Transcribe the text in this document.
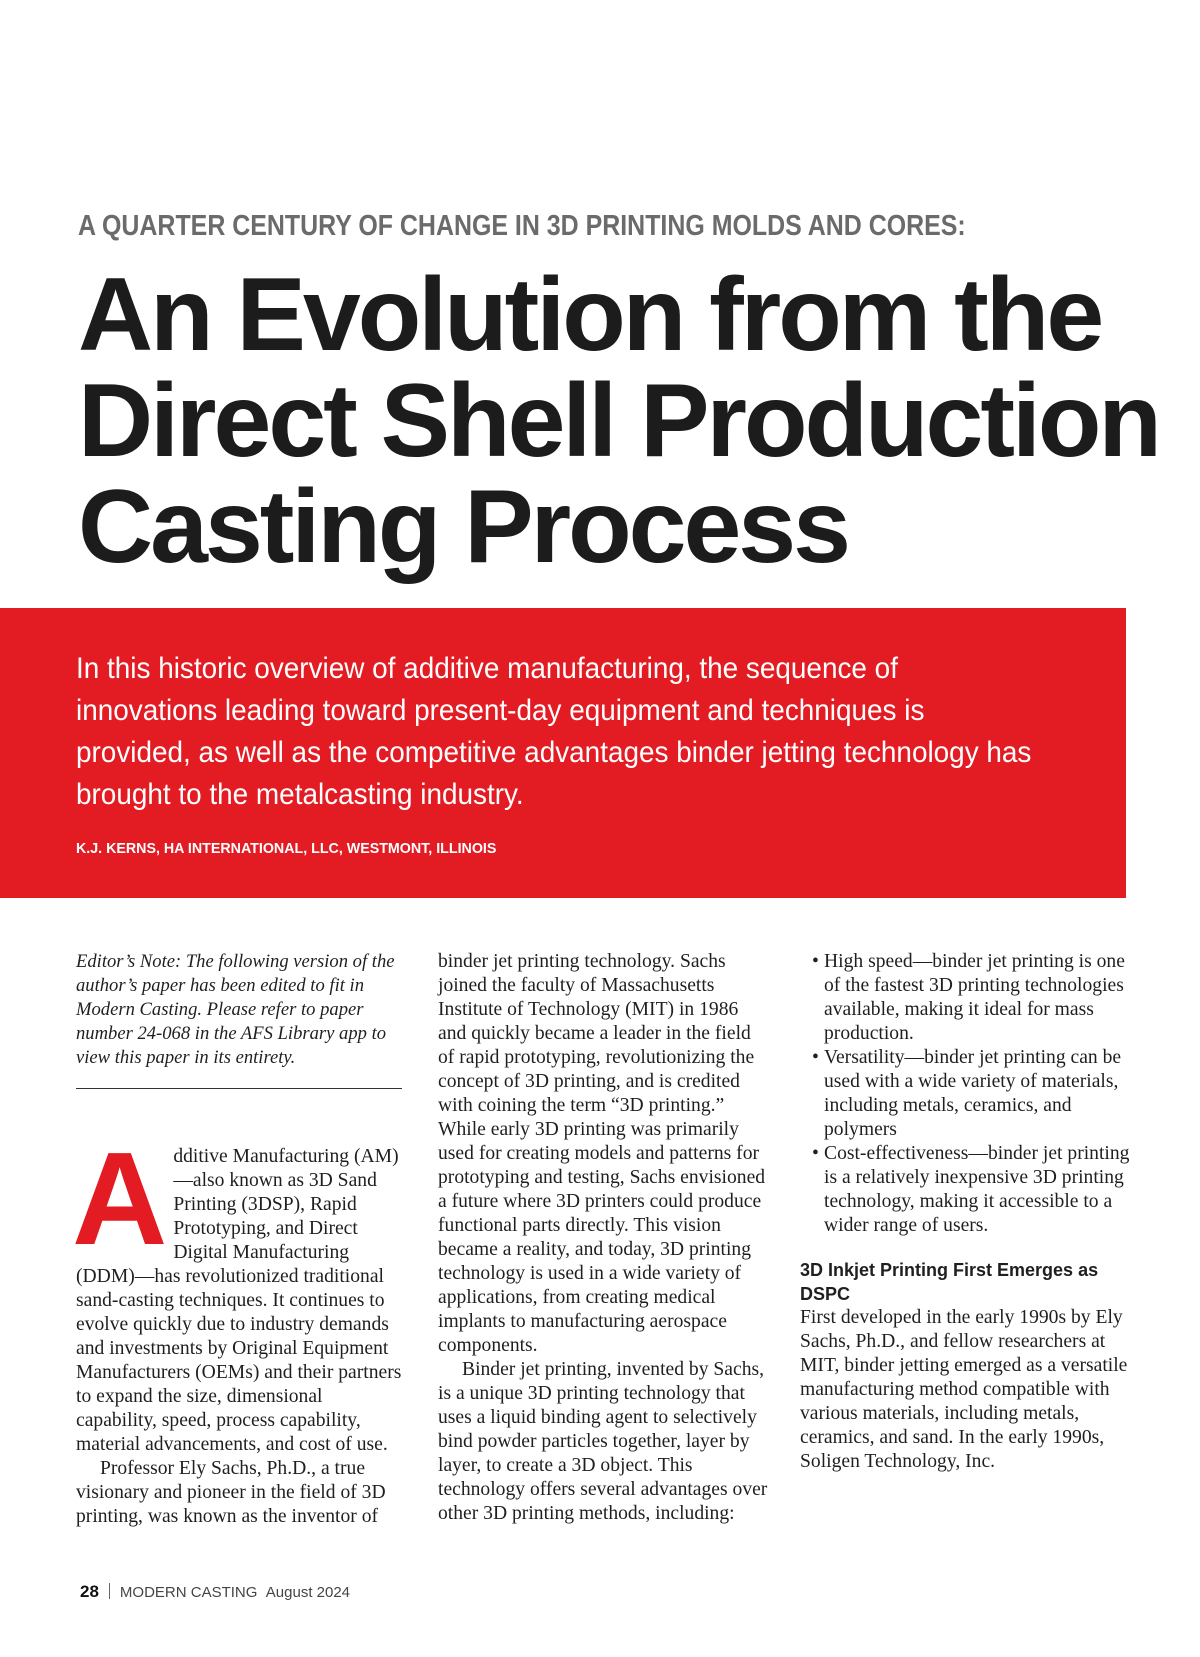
A QUARTER CENTURY OF CHANGE IN 3D PRINTING MOLDS AND CORES:
An Evolution from the
Direct Shell Production
Casting Process

In this historic overview of additive manufacturing, the sequence of innovations leading toward present-day equipment and techniques is provided, as well as the competitive advantages binder jetting technology has brought to the metalcasting industry.

K.J. KERNS, HA INTERNATIONAL, LLC, WESTMONT, ILLINOIS

Editor’s Note: The following version of the author’s paper has been edited to fit in Modern Casting. Please refer to paper number 24-068 in the AFS Library app to view this paper in its entirety.

A dditive Manufacturing (AM)—also known as 3D Sand Printing (3DSP), Rapid Prototyping, and Direct Digital Manufacturing (DDM)—has revolutionized traditional sand-casting techniques. It continues to evolve quickly due to industry demands and investments by Original Equipment Manufacturers (OEMs) and their partners to expand the size, dimensional capability, speed, process capability, material advancements, and cost of use.

Professor Ely Sachs, Ph.D., a true visionary and pioneer in the field of 3D printing, was known as the inventor of

binder jet printing technology. Sachs joined the faculty of Massachusetts Institute of Technology (MIT) in 1986 and quickly became a leader in the field of rapid prototyping, revolutionizing the concept of 3D printing, and is credited with coining the term “3D printing.” While early 3D printing was primarily used for creating models and patterns for prototyping and testing, Sachs envisioned a future where 3D printers could produce functional parts directly. This vision became a reality, and today, 3D printing technology is used in a wide variety of applications, from creating medical implants to manufacturing aerospace components.

Binder jet printing, invented by Sachs, is a unique 3D printing technology that uses a liquid binding agent to selectively bind powder particles together, layer by layer, to create a 3D object. This technology offers several advantages over other 3D printing methods, including:

• High speed—binder jet printing is one of the fastest 3D printing technologies available, making it ideal for mass production.
• Versatility—binder jet printing can be used with a wide variety of materials, including metals, ceramics, and polymers
• Cost-effectiveness—binder jet printing is a relatively inexpensive 3D printing technology, making it accessible to a wider range of users.
3D Inkjet Printing First Emerges as DSPC

First developed in the early 1990s by Ely Sachs, Ph.D., and fellow researchers at MIT, binder jetting emerged as a versatile manufacturing method compatible with various materials, including metals, ceramics, and sand. In the early 1990s, Soligen Technology, Inc.

28 MODERN CASTING August 2024
